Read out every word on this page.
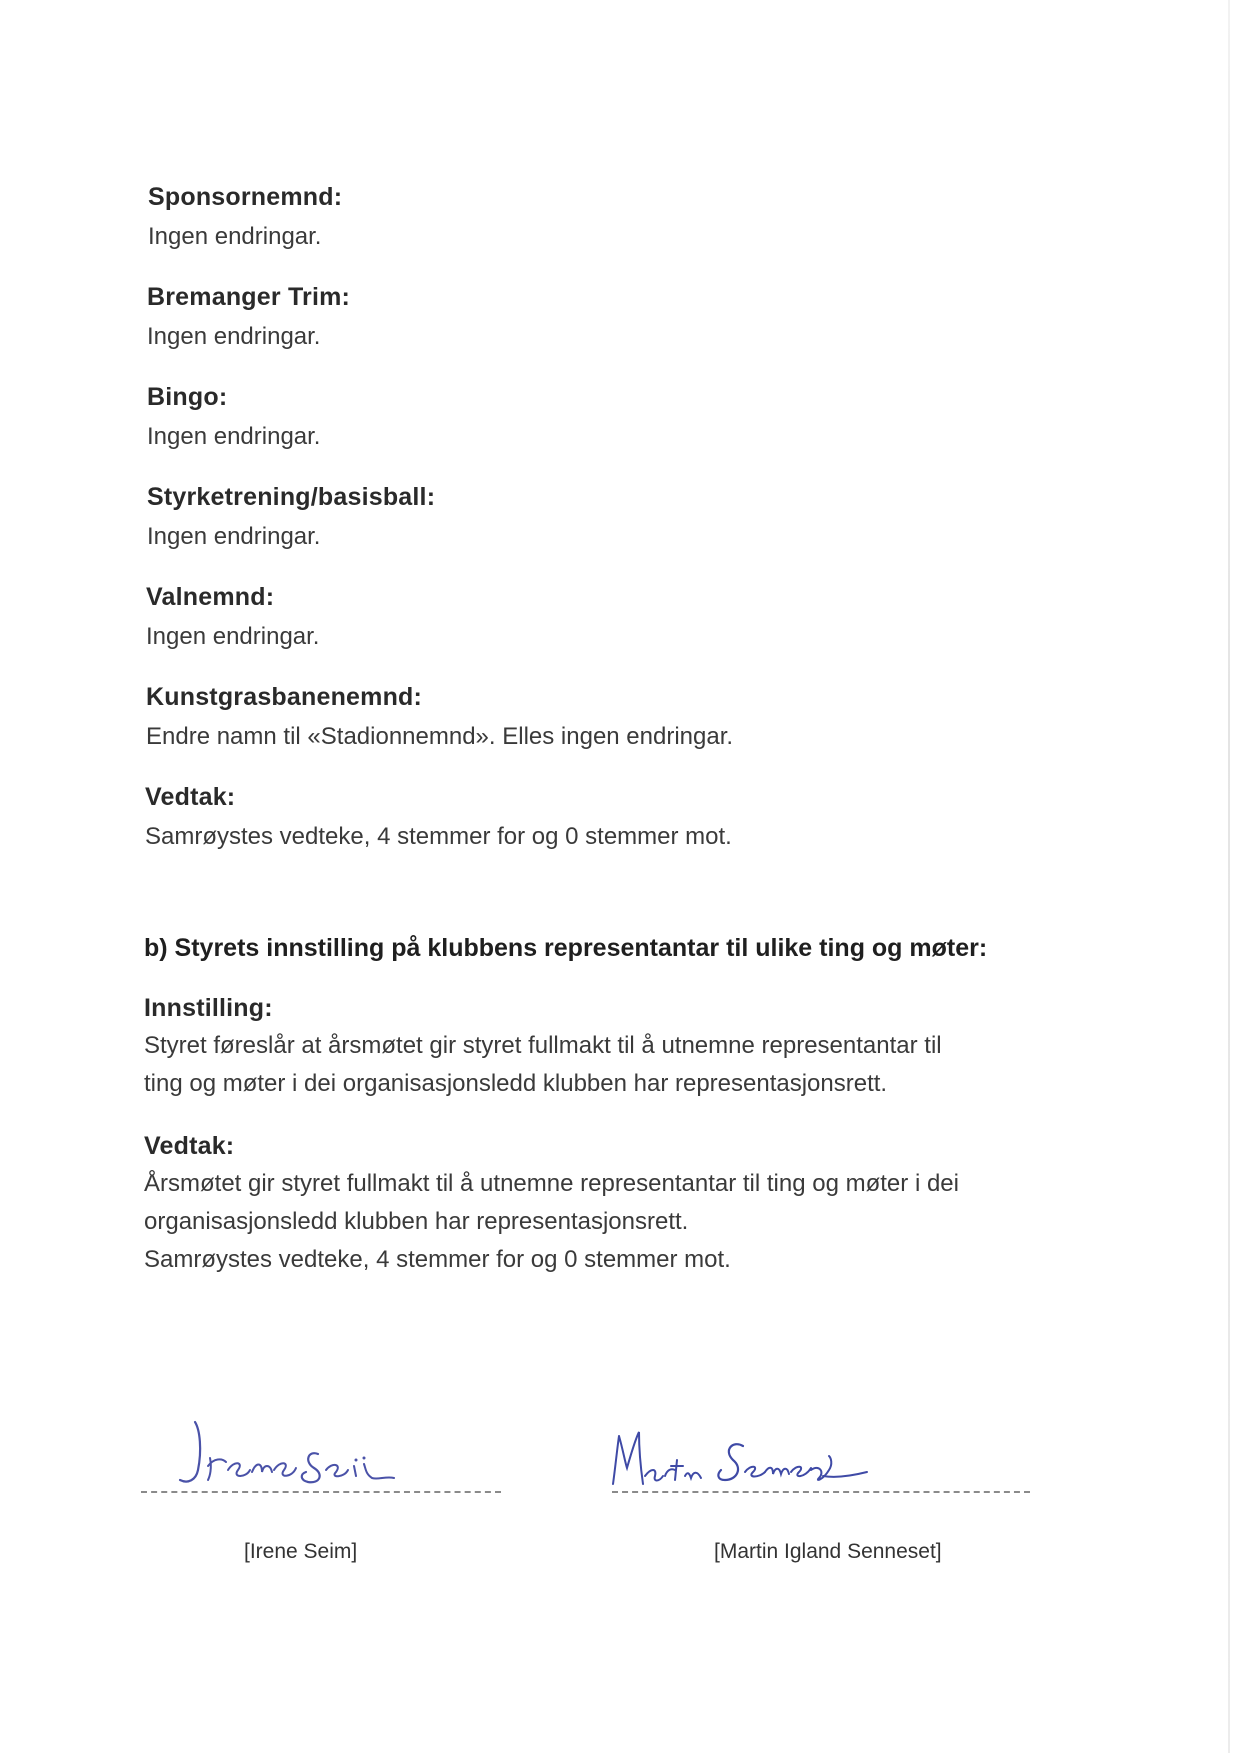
Sponsornemnd:
Ingen endringar.
Bremanger Trim:
Ingen endringar.
Bingo:
Ingen endringar.
Styrketrening/basisball:
Ingen endringar.
Valnemnd:
Ingen endringar.
Kunstgrasbanenemnd:
Endre namn til «Stadionnemnd». Elles ingen endringar.
Vedtak:
Samrøystes vedteke, 4 stemmer for og 0 stemmer mot.
b) Styrets innstilling på klubbens representantar til ulike ting og møter:
Innstilling:
Styret føreslår at årsmøtet gir styret fullmakt til å utnemne representantar til
ting og møter i dei organisasjonsledd klubben har representasjonsrett.
Vedtak:
Årsmøtet gir styret fullmakt til å utnemne representantar til ting og møter i dei
organisasjonsledd klubben har representasjonsrett.
Samrøystes vedteke, 4 stemmer for og 0 stemmer mot.
[Irene Seim]	[Martin Igland Senneset]
